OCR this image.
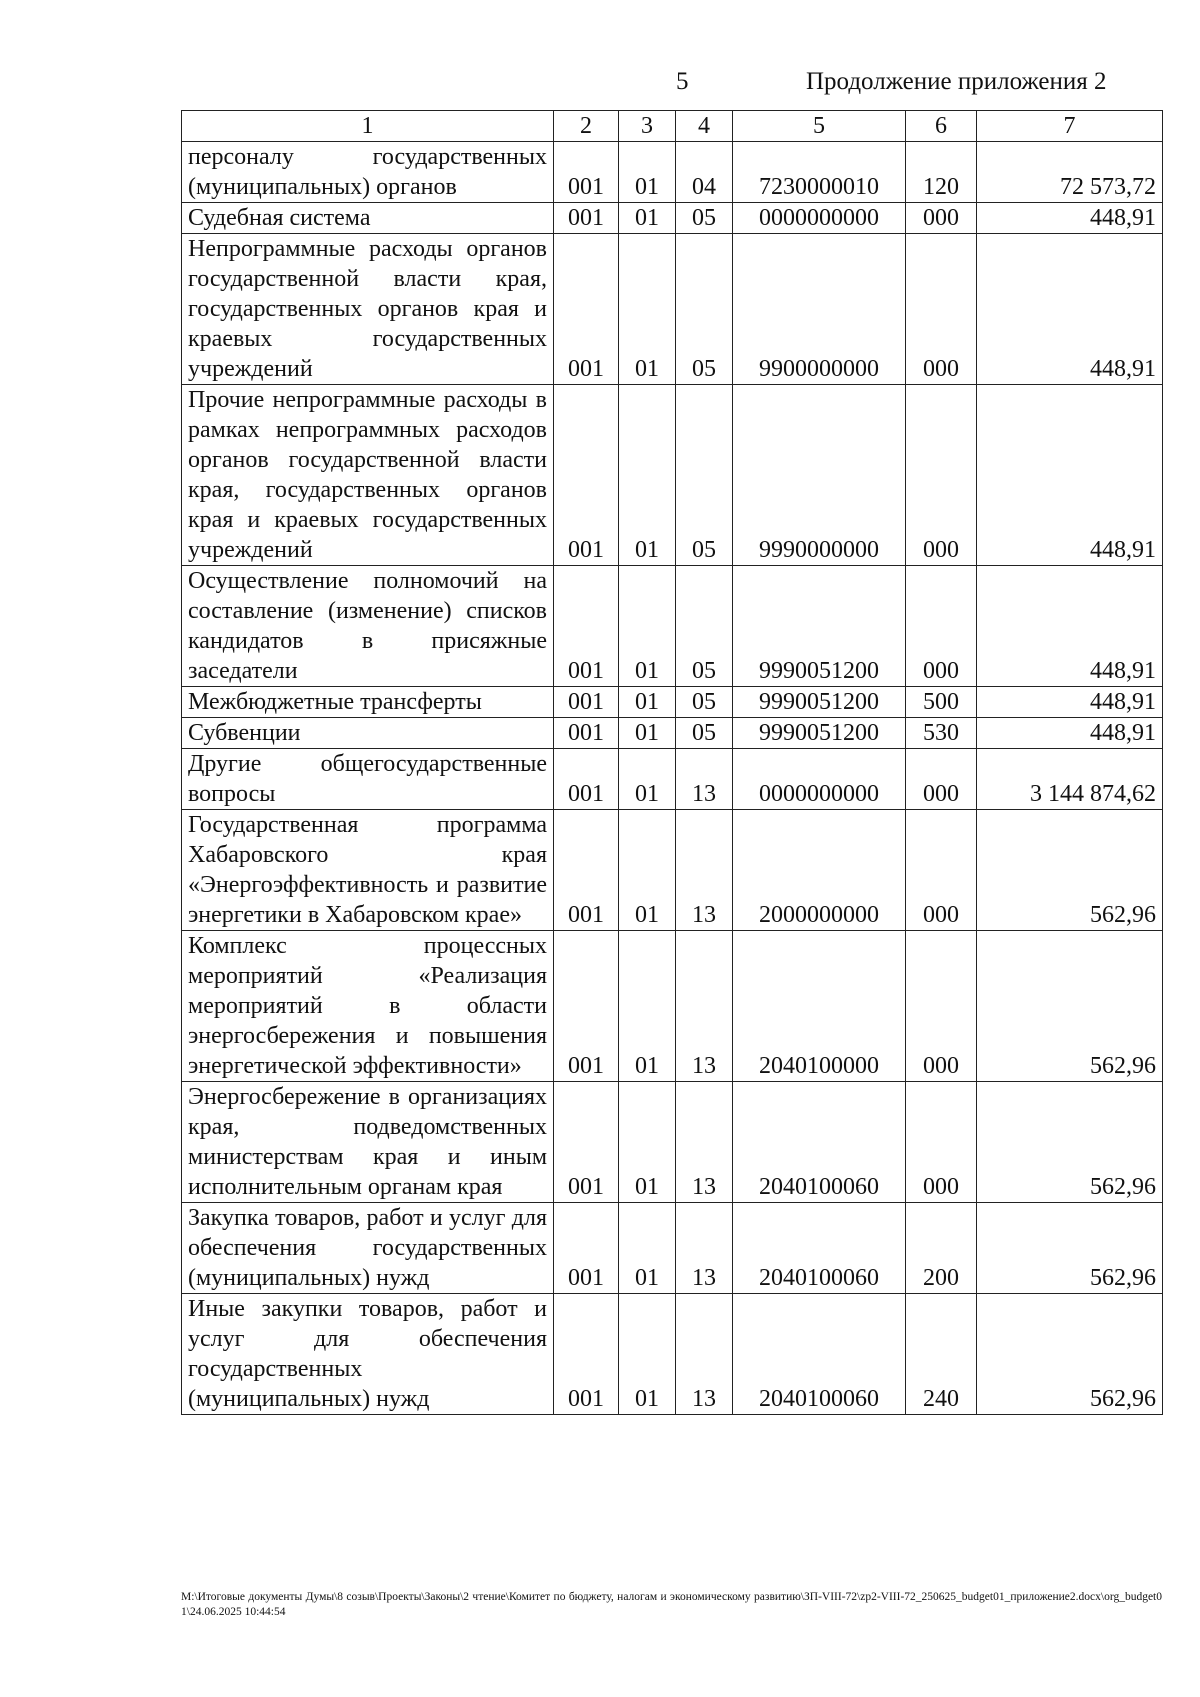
5	Продолжение приложения 2
1	2	3	4	5	6	7
персоналу государственных (муниципальных) органов	001	01	04	7230000010	120	72 573,72
Судебная система	001	01	05	0000000000	000	448,91
Непрограммные расходы органов государственной власти края, государственных органов края и краевых государственных учреждений	001	01	05	9900000000	000	448,91
Прочие непрограммные расходы в рамках непрограммных расходов органов государственной власти края, государственных органов края и краевых государственных учреждений	001	01	05	9990000000	000	448,91
Осуществление полномочий на составление (изменение) списков кандидатов в присяжные заседатели	001	01	05	9990051200	000	448,91
Межбюджетные трансферты	001	01	05	9990051200	500	448,91
Субвенции	001	01	05	9990051200	530	448,91
Другие общегосударственные вопросы	001	01	13	0000000000	000	3 144 874,62
Государственная программа Хабаровского края «Энергоэффективность и развитие энергетики в Хабаровском крае»	001	01	13	2000000000	000	562,96
Комплекс процессных мероприятий «Реализация мероприятий в области энергосбережения и повышения энергетической эффективности»	001	01	13	2040100000	000	562,96
Энергосбережение в организациях края, подведомственных министерствам края и иным исполнительным органам края	001	01	13	2040100060	000	562,96
Закупка товаров, работ и услуг для обеспечения государственных (муниципальных) нужд	001	01	13	2040100060	200	562,96
Иные закупки товаров, работ и услуг для обеспечения государственных (муниципальных) нужд	001	01	13	2040100060	240	562,96
M:\Итоговые документы Думы\8 созыв\Проекты\Законы\2 чтение\Комитет по бюджету, налогам и экономическому развитию\ЗП-VIII-72\zp2-VIII-72_250625_budget01_приложение2.docx\org_budget01\24.06.2025 10:44:54
